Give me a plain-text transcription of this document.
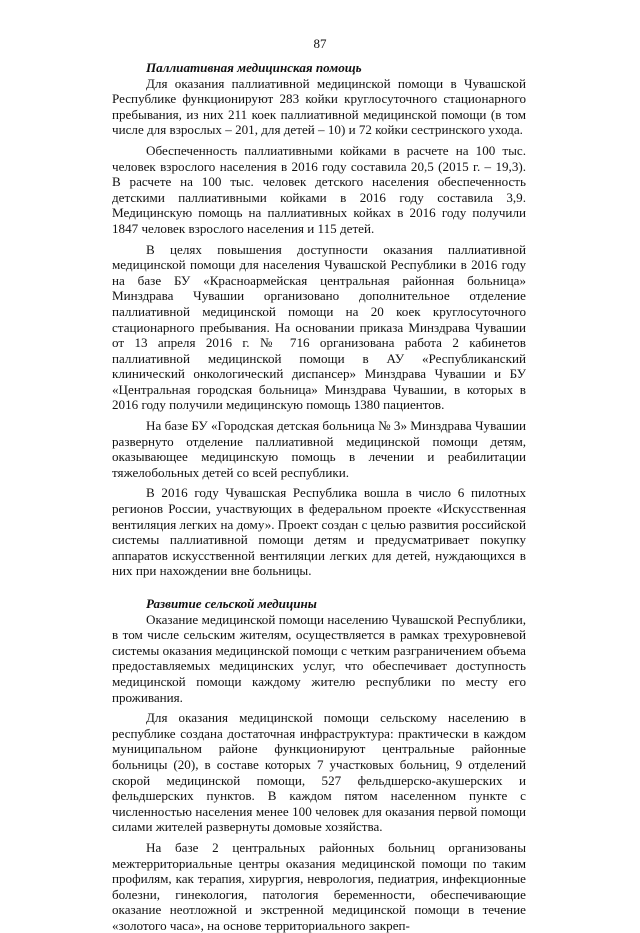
87
Паллиативная медицинская помощь

Для оказания паллиативной медицинской помощи в Чувашской Республике функционируют 283 койки круглосуточного стационарного пребывания, из них 211 коек паллиативной медицинской помощи (в том числе для взрослых – 201, для детей – 10) и 72 койки сестринского ухода.

Обеспеченность паллиативными койками в расчете на 100 тыс. человек взрослого населения в 2016 году составила 20,5 (2015 г. – 19,3). В расчете на 100 тыс. человек детского населения обеспеченность детскими паллиативными койками в 2016 году составила 3,9. Медицинскую помощь на паллиативных койках в 2016 году получили 1847 человек взрослого населения и 115 детей.

В целях повышения доступности оказания паллиативной медицинской помощи для населения Чувашской Республики в 2016 году на базе БУ «Красноармейская центральная районная больница» Минздрава Чувашии организовано дополнительное отделение паллиативной медицинской помощи на 20 коек круглосуточного стационарного пребывания. На основании приказа Минздрава Чувашии от 13 апреля 2016 г. № 716 организована работа 2 кабинетов паллиативной медицинской помощи в АУ «Республиканский клинический онкологический диспансер» Минздрава Чувашии и БУ «Центральная городская больница» Минздрава Чувашии, в которых в 2016 году получили медицинскую помощь 1380 пациентов.

На базе БУ «Городская детская больница № 3» Минздрава Чувашии развернуто отделение паллиативной медицинской помощи детям, оказывающее медицинскую помощь в лечении и реабилитации тяжелобольных детей со всей республики.

В 2016 году Чувашская Республика вошла в число 6 пилотных регионов России, участвующих в федеральном проекте «Искусственная вентиляция легких на дому». Проект создан с целью развития российской системы паллиативной помощи детям и предусматривает покупку аппаратов искусственной вентиляции легких для детей, нуждающихся в них при нахождении вне больницы.

Развитие сельской медицины

Оказание медицинской помощи населению Чувашской Республики, в том числе сельским жителям, осуществляется в рамках трехуровневой системы оказания медицинской помощи с четким разграничением объема предоставляемых медицинских услуг, что обеспечивает доступность медицинской помощи каждому жителю республики по месту его проживания.

Для оказания медицинской помощи сельскому населению в республике создана достаточная инфраструктура: практически в каждом муниципальном районе функционируют центральные районные больницы (20), в составе которых 7 участковых больниц, 9 отделений скорой медицинской помощи, 527 фельдшерско-акушерских и фельдшерских пунктов. В каждом пятом населенном пункте с численностью населения менее 100 человек для оказания первой помощи силами жителей развернуты домовые хозяйства.

На базе 2 центральных районных больниц организованы межтерриториальные центры оказания медицинской помощи по таким профилям, как терапия, хирургия, неврология, педиатрия, инфекционные болезни, гинекология, патология беременности, обеспечивающие оказание неотложной и экстренной медицинской помощи в течение «золотого часа», на основе территориального закреп-
